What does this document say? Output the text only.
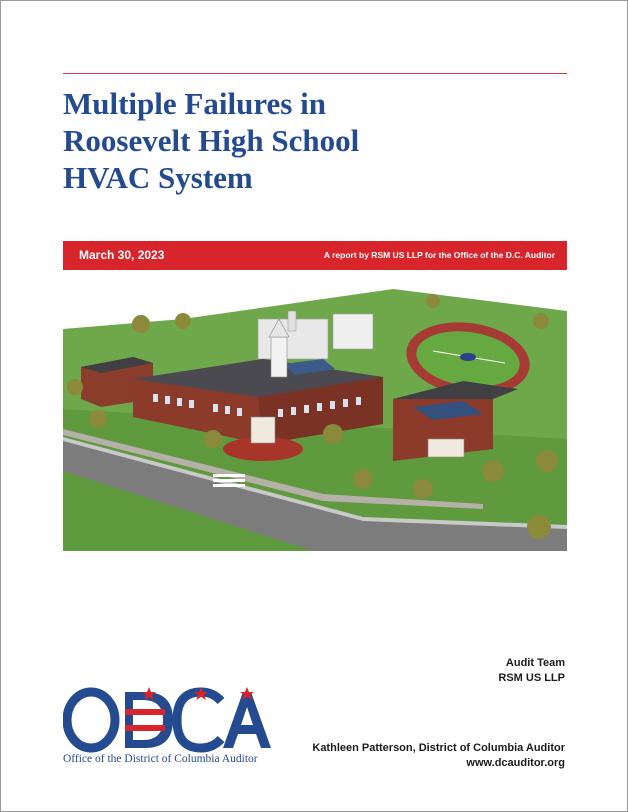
Multiple Failures in
Roosevelt High School
HVAC System
March 30, 2023	A report by RSM US LLP for the Office of the D.C. Auditor
Audit Team
RSM US LLP
Office of the District of Columbia Auditor
Kathleen Patterson, District of Columbia Auditor
www.dcauditor.org
